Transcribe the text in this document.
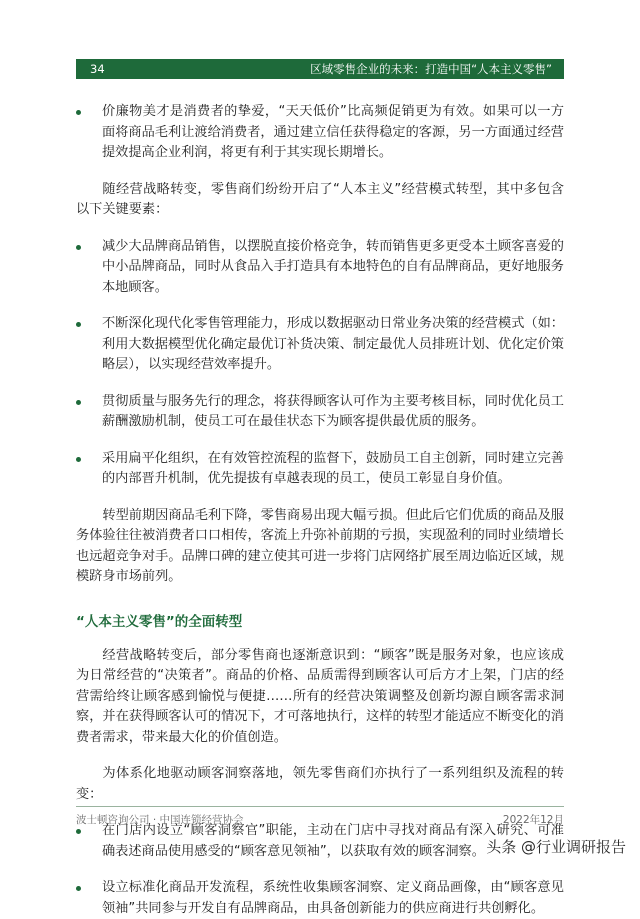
34	区域零售企业的未来：打造中国“人本主义零售”
价廉物美才是消费者的挚爱，“天天低价”比高频促销更为有效。如果可以一方面将商品毛利让渡给消费者，通过建立信任获得稳定的客源，另一方面通过经营提效提高企业利润，将更有利于其实现长期增长。

随经营战略转变，零售商们纷纷开启了“人本主义”经营模式转型，其中多包含以下关键要素：

减少大品牌商品销售，以摆脱直接价格竞争，转而销售更多更受本土顾客喜爱的中小品牌商品，同时从食品入手打造具有本地特色的自有品牌商品，更好地服务本地顾客。
不断深化现代化零售管理能力，形成以数据驱动日常业务决策的经营模式（如：利用大数据模型优化确定最优订补货决策、制定最优人员排班计划、优化定价策略层），以实现经营效率提升。
贯彻质量与服务先行的理念，将获得顾客认可作为主要考核目标，同时优化员工薪酬激励机制，使员工可在最佳状态下为顾客提供最优质的服务。
采用扁平化组织，在有效管控流程的监督下，鼓励员工自主创新，同时建立完善的内部晋升机制，优先提拔有卓越表现的员工，使员工彰显自身价值。

转型前期因商品毛利下降，零售商易出现大幅亏损。但此后它们优质的商品及服务体验往往被消费者口口相传，客流上升弥补前期的亏损，实现盈利的同时业绩增长也远超竞争对手。品牌口碑的建立使其可进一步将门店网络扩展至周边临近区域，规模跻身市场前列。

“人本主义零售”的全面转型

经营战略转变后，部分零售商也逐渐意识到：“顾客”既是服务对象，也应该成为日常经营的“决策者”。商品的价格、品质需得到顾客认可后方才上架，门店的经营需给终让顾客感到愉悦与便捷……所有的经营决策调整及创新均源自顾客需求洞察，并在获得顾客认可的情况下，才可落地执行，这样的转型才能适应不断变化的消费者需求，带来最大化的价值创造。

为体系化地驱动顾客洞察落地，领先零售商们亦执行了一系列组织及流程的转变：

在门店内设立“顾客洞察官”职能，主动在门店中寻找对商品有深入研究、可准确表述商品使用感受的“顾客意见领袖”，以获取有效的顾客洞察。
设立标准化商品开发流程，系统性收集顾客洞察、定义商品画像，由“顾客意见领袖”共同参与开发自有品牌商品，由具备创新能力的供应商进行共创孵化。
波士顿咨询公司 · 中国连锁经营协会	2022年12月
头条 @行业调研报告
